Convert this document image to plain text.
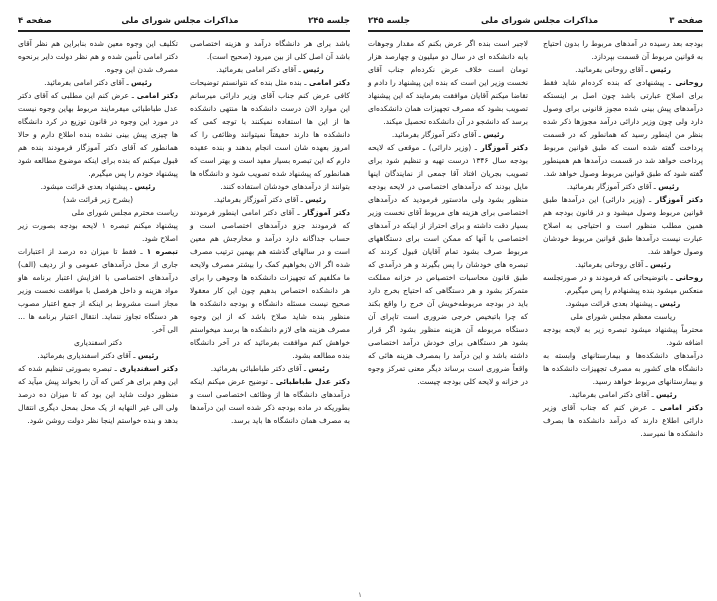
جلسه ۲۴۵
مذاکرات مجلس شورای ملی
صفحه ۴

باشد برای هر دانشگاه درآمد و هزینه اختصاصی باشد آن اصل کلی از بین میرود (صحیح است).

رئیس ـ آقای دکتر امامی بفرمائید.

دکتر امامی ـ بنده مثل بنده که نتوانستم توضیحات کافی عرض کنم جناب آقای وزیر دارائی میرسانم این موارد الان درست دانشکده ها منتهی دانشکده ها از این ها استفاده نمیکنند با توجه کمی که دانشکده ها دارند حقیقتاً نمیتوانند وظائفی را که امروز بعهده شان است انجام بدهند و بنده عقیده دارم که این تبصره بسیار مفید است و بهتر است که همانطور که پیشنهاد شده تصویب شود و دانشگاه ها بتوانند از درآمدهای خودشان استفاده کنند.

رئیس ـ آقای دکتر آموزگار بفرمائید.

دکتر آموزگار ـ آقای دکتر امامی اینطور فرمودند که فرمودند جزو درآمدهای اختصاصی است و حساب جداگانه دارد درآمد و مخارجش هم معین است و در سالهای گذشته هم بهمین ترتیب مصرف شده اگر الان بخواهیم کمک را بیشتر مصرف ولایحه ما مکلفیم که تجهیزات دانشکده ها وجوهی را برای هر دانشکده اختصاص بدهیم چون این کار معقولا صحیح نیست مسئله دانشگاه و بودجه دانشکده ها منظور بنده شاید صلاح باشد که از این وجوه مصرف هزینه های لازم دانشکده ها برسد میخواستم خواهش کنم موافقت بفرمائید که در آخر دانشگاه بنده مطالعه بشود.

رئیس ـ آقای دکتر طباطبائی بفرمائید.

دکتر عدل طباطبائی ـ توضیح عرض میکنم اینکه درآمدهای دانشگاه ها از وظائف اختصاصی است و بطوریکه در ماده بودجه ذکر شده است این درآمدها به مصرف همان دانشگاه ها باید برسد.

تکلیف این وجوه معین شده بنابراین هم نظر آقای دکتر امامی تأمین شده و هم نظر دولت دایر برنحوه مصرف شدن این وجوه.

رئیس ـ آقای دکتر امامی بفرمائید.

دکتر امامی ـ عرض کنم این مطلبی که آقای دکتر عدل طباطبائی میفرمایند مربوط بهاین وجوه نیست در مورد این وجوه در قانون توزیع در کرد دانشگاه ها چیزی پیش بینی نشده بنده اطلاع دارم و حالا همانطور که آقای دکتر آموزگار فرمودند بنده هم قبول میکنم که بنده برای اینکه موضوع مطالعه شود پیشنهاد خودم را پس میگیرم.

رئیس ـ پیشنهاد بعدی قرائت میشود.

(بشرح زیر قرائت شد)

ریاست محترم مجلس شورای ملی

پیشنهاد میکنم تبصره ۱ لایحه بودجه بصورت زیر اصلاح شود.

تبصره ۱ ـ فقط تا میزان ده درصد از اعتبارات جاری از محل درآمدهای عمومی و از ردیف (الف) درآمدهای اختصاصی با افزایش اعتبار برنامه هاو مواد هزینه و داخل هرفصل با موافقت نخست وزیر مجاز است مشروط بر اینکه از جمع اعتبار مصوب هر دستگاه تجاوز ننماید. انتقال اعتبار برنامه ها ... الی آخر.

دکتر اسفندیاری

رئیس ـ آقای دکتر اسفندیاری بفرمائید.

دکتر اسفندیاری ـ تبصره بصورتی تنظیم شده که این وهم برای هر کس که آن را بخواند پیش میآید که منظور دولت شاید این بود که تا میزان ده درصد ولی الی غیر النهایه از یک محل بمحل دیگری انتقال بدهد و بنده خواستم اینجا نظر دولت روشن شود.

صفحه ۳
مذاکرات مجلس شورای ملی
جلسه ۲۴۵

بودجه بعد رسیده در آمدهای مربوط را بدون احتیاج به قوانین مربوط آن قسمت بپردازد.

رئیس ـ آقای روحانی بفرمائید.

روحانی ـ پیشنهادی که بنده کرده‌ام شاید فقط برای اصلاح عبارتی باشد چون اصل بر اینستکه درآمدهای پیش بینی شده مجوز قانونی برای وصول دارد ولی چون وزیر دارائی درآمد مجوزها ذکر شده بنظر من اینطور رسید که همانطور که در قسمت پرداخت گفته شده است که طبق قوانین مربوط پرداخت خواهد شد در قسمت درآمدها هم همینطور گفته شود که طبق قوانین مربوط وصول خواهد شد.

رئیس ـ آقای دکتر آموزگار بفرمائید.

دکتر آموزگار ـ (وزیر دارائی) این درآمدها طبق قوانین مربوط وصول میشود و در قانون بودجه هم همین مطلب منظور است و احتیاجی به اصلاح عبارت نیست درآمدها طبق قوانین مربوط خودشان وصول خواهد شد.

رئیس ـ آقای روحانی بفرمائید.

روحانی ـ باتوضیحاتی که فرمودند و در صورتجلسه منعکس میشود بنده پیشنهادم را پس میگیرم.

رئیس ـ پیشنهاد بعدی قرائت میشود.

ریاست معظم مجلس شورای ملی

محترماً پیشنهاد میشود تبصره زیر به لایحه بودجه اضافه شود.

درآمدهای دانشکده‌ها و بیمارستانهای وابسته به دانشگاه های کشور به مصرف تجهیزات دانشکده ها و بیمارستانهای مربوط خواهد رسید.

رئیس ـ آقای دکتر امامی بفرمائید.

دکتر امامی ـ عرض کنم که جناب آقای وزیر دارائی اطلاع دارند که درآمد دانشکده ها بصرف دانشکده ها نمیرسد.

لاجبر است بنده اگر عرض بکنم که مقدار وجوهات بابه دانشکده ای در سال دو میلیون و چهارصد هزار تومان است خلاف عرض نکرده‌ام جناب آقای نخست وزیر این است که بنده این پیشنهاد را دادم و تقاضا میکنم آقایان موافقت بفرمایند که این پیشنهاد تصویب بشود که مصرف تجهیزات همان دانشکده‌ای برسد که دانشجو در آن دانشکده تحصیل میکند.

رئیس ـ آقای دکتر آموزگار بفرمائید.

دکتر آموزگار ـ (وزیر دارائی) ـ موقعی که لایحه بودجه سال ۱۳۴۶ درست تهیه و تنظیم شود برای تصویب بجریان افتاد آقا جمعی از نمایندگان اینها مایل بودند که درآمدهای اختصاصی در لایحه بودجه منظور بشود ولی مادستور فرمودید که درآمدهای اختصاصی برای هزینه های مربوط آقای نخست وزیر بسیار دقت داشته و برای احتراز از اینکه در آمدهای اختصاصی با آنها که ممکن است برای دستگاههای مربوط صرف بشود تمام آقایان قبول کردند که تبصره های خودشان را پس بگیرند و هر درآمدی که طبق قانون محاسبات اختصیاص در خزانه مملکت متمرکز بشود و هر دستگاهی که احتیاج بخرج دارد باید در بودجه مربوطه‌خویش آن خرج را واقع بکند که چرا باتبخیص خرجی ضروری است تاپرای آن دستگاه مربوطه آن هزینه منظور بشود اگر قرار بشود هر دستگاهی برای خودش درآمد اختصاصی داشته باشد و این درآمد را بمصرف هزینه هائی که واقعاً ضروری است برساند دیگر معنی تمرکز وجوه در خزانه و لایحه کلی بودجه چیست.

۱
